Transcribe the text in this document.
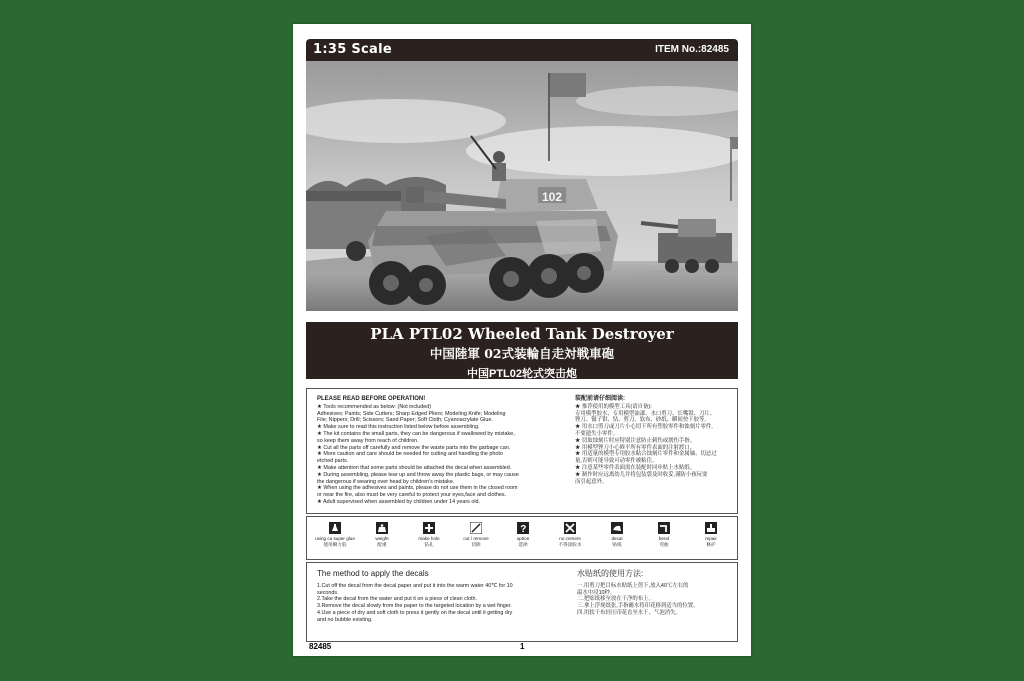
1:35 Scale	ITEM No.:82485
102
PLA PTL02 Wheeled Tank Destroyer
中国陸軍 02式装輪自走対戦車砲
中国PTL02轮式突击炮

PLEASE READ BEFORE OPERATION!

★ Tools recommended as below: (Not included)

Adhesives; Paints; Side Cutters; Sharp Edged Pliers; Modeling Knife; Modeling

File; Nippers; Drill; Scissors; Sand Paper; Soft Cloth; Cyanoacrylate Glue.

★ Make sure to read this instruction listed below before assembling.

★ The kit contains the small parts, they can be dangerous if swallowed by mistake,

so keep them away from reach of children.

★ Cut all the parts off carefully and remove the waste parts into the garbage can.

★ More caution and care should be needed for cutting and handling the photo

etched parts.

★ Make attention that some parts should be attached the decal when assembled.

★ During assembling, please tear up and throw away the plastic bags, or may cause

the dangerous if wearing over head by children's mistake.

★ When using the adhesives and paints, please do not use them in the closed room

or near the fire, also must be very careful to protect your eyes,face and clothes.

★ Adult supervised when assembled by children under 14 years old.

装配前请仔细阅读:

★ 推荐使用的模型工具(请自备):

专用模型胶水、专用模型油漆、水口剪刀、长嘴钳、刀片、

锉刀、镊子钳、钻、剪刀、软布、砂纸、瞬间快干胶等。

★ 用水口剪刀或刀片小心切下所有塑胶零件和蚀刻片零件,

不要遗失小零件。

★ 切取蚀刻片时应特别注意防止刺伤或割伤手指。

★ 用模型锉刀小心修平所有零件表面的注射渡口。

★ 用适量的模型专用胶水粘合蚀刻片零件和金属轴、切忌过

量,否则可能导致可动零件被粘住。

★ 注意某些零件表面需在装配时同步贴上水贴纸。

★ 制作时应远离幼儿并将包装袋及时收妥,谨防小孩玩耍

而引起意外。

using ca super glue

使用瞬力胶

weight

配重

make hole

钻孔

cut / remove

切除

?

option

选择

no cement

不得涂胶水

decal

贴纸

bend

弯曲

repair

修护

The method to apply the decals

1.Cut off the decal from the decal paper and put it into the warm water 40℃ for 10

seconds.

2.Take the decal from the water and put it on a piece of clean cloth.

3.Remove the decal slowly from the paper to the targeted location by a wet finger.

4.Use a piece of dry and soft cloth to press it gently on the decal until it getting dry

and no bubble existing.

水贴纸的使用方法:

一.用剪刀把目标水贴纸上剪下,放入40℃左右的

温水中浸10秒。

二.把贴纸移至放在干净的布上。

三.拿上浮现纸张,手指蘸水将印花移到适当的位置。

四.用软干布轻压印花直至水干、气泡消失。

82485	1
